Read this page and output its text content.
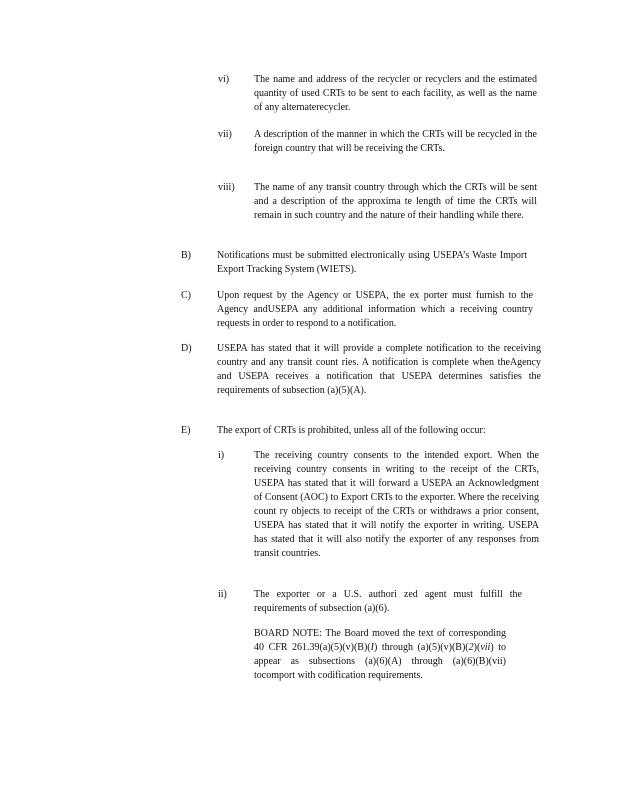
vi) The name and address of the recycler or recyclers and the estimated quantity of used CRTs to be sent to each facility, as well as the name of any alternaterecycler.
vii) A description of the manner in which the CRTs will be recycled in the foreign country that will be receiving the CRTs.
viii) The name of any transit country through which the CRTs will be sent and a description of the approxima te length of time the CRTs will remain in such country and the nature of their handling while there.
B)	Notifications must be submitted electronically using USEPA’s Waste Import Export Tracking System (WIETS).
C)	Upon request by the Agency or USEPA, the ex porter must furnish to the Agency andUSEPA any additional information which a receiving country requests in order to respond to a notification.
D)	USEPA has stated that it will provide a complete notification to the receiving country and any transit count ries. A notification is complete when theAgency and USEPA receives a notification that USEPA determines satisfies the requirements of subsection (a)(5)(A).
E)	The export of CRTs is prohibited, unless all of the following occur:
i)	The receiving country consents to the intended export. When the receiving country consents in writing to the receipt of the CRTs, USEPA has stated that it will forward a USEPA an Acknowledgment of Consent (AOC) to Export CRTs to the exporter. Where the receiving count ry objects to receipt of the CRTs or withdraws a prior consent, USEPA has stated that it will notify the exporter in writing. USEPA has stated that it will also notify the exporter of any responses from transit countries.
ii)	The exporter or a U.S. authori zed agent must fulfill the requirements of subsection (a)(6).
BOARD NOTE: The Board moved the text of corresponding 40 CFR 261.39(a)(5)(v)(B)(I) through (a)(5)(v)(B)(2)(vii) to appear as subsections (a)(6)(A) through (a)(6)(B)(vii) tocomport with codification requirements.
